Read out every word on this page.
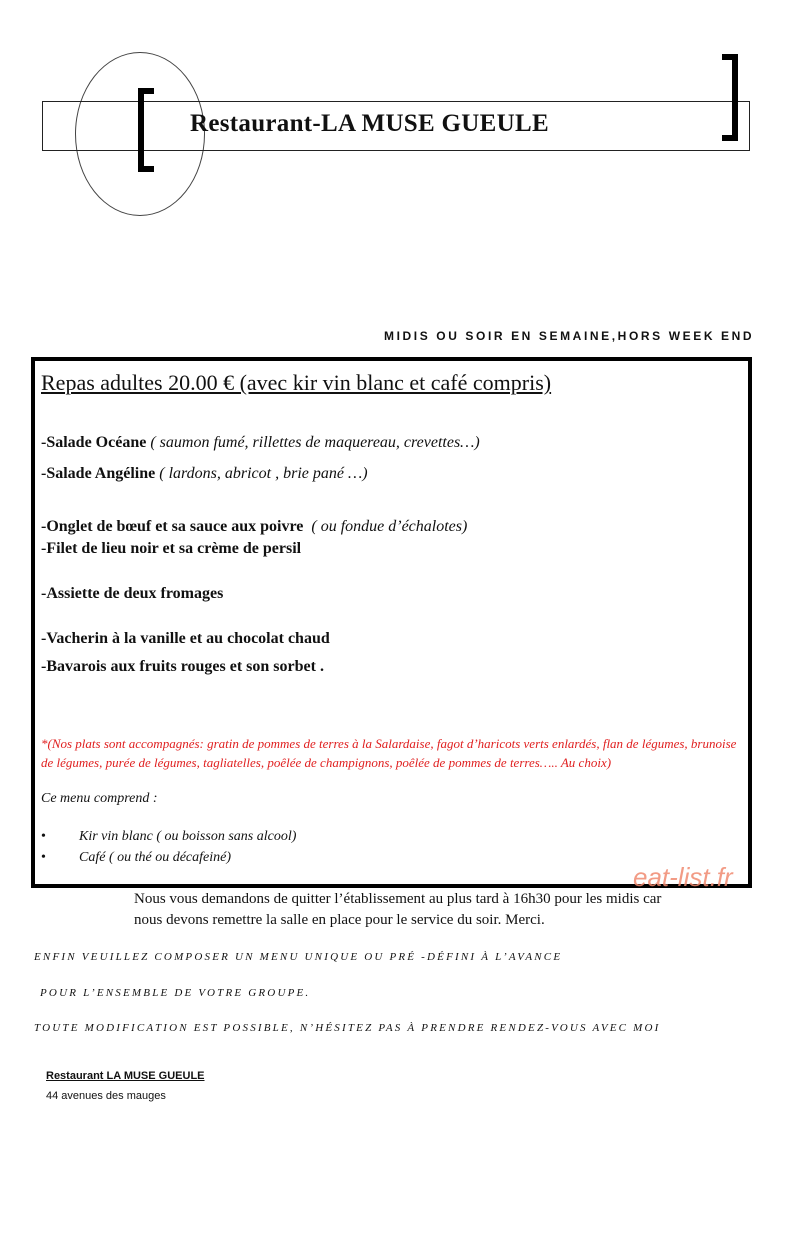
Restaurant-LA MUSE GUEULE
MIDIS OU SOIR EN SEMAINE,HORS WEEK END
Repas adultes 20.00 € (avec kir vin blanc et café compris)
-Salade Océane ( saumon fumé, rillettes de maquereau, crevettes…)
-Salade Angéline ( lardons, abricot , brie pané …)
-Onglet de bœuf et sa sauce aux poivre ( ou fondue d’échalotes)
-Filet de lieu noir et sa crème de persil
-Assiette de deux fromages
-Vacherin à la vanille et au chocolat chaud
-Bavarois aux fruits rouges et son sorbet .
*(Nos plats sont accompagnés: gratin de pommes de terres à la Salardaise, fagot d’haricots verts enlardés, flan de légumes, brunoise de légumes, purée de légumes, tagliatelles, poêlée de champignons, poêlée de pommes de terres….. Au choix)
Ce menu comprend :
• Kir vin blanc ( ou boisson sans alcool)
• Café ( ou thé ou décafeiné)
eat-list.fr
Nous vous demandons de quitter l’établissement au plus tard à 16h30 pour les midis car nous devons remettre la salle en place pour le service du soir. Merci.
ENFIN VEUILLEZ COMPOSER UN MENU UNIQUE OU PRÉ -DÉFINI À L’AVANCE
POUR L’ENSEMBLE DE VOTRE GROUPE.
TOUTE MODIFICATION EST POSSIBLE, N’HÉSITEZ PAS À PRENDRE RENDEZ-VOUS AVEC MOI
Restaurant LA MUSE GUEULE
44 avenues des mauges
